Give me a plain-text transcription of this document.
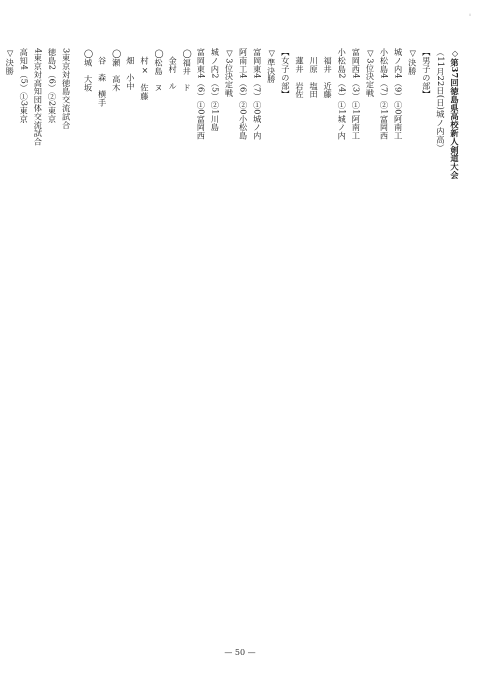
◇第37回徳島県高校新人剣道大会
（11月22日(日)城ノ内高）
【男子の部】
▽決勝
城ノ内4（9）①0阿南工
小松島4（7）②1富岡西
▽3位決定戦
富岡西4（3）①1阿南工
小松島2（4）①1城ノ内
　福井　近藤
　川原　塩田
　蓮井　岩佐
【女子の部】
▽準決勝
富岡東4（7）①0城ノ内
阿南工4（6）②0小松島
▽3位決定戦
城ノ内2（5）②1川島
富岡東4（6）①0富岡西
◯福井　ド
　金村　ル
◯松島　ヌ
　村×　佐藤
　畑　小中
◯瀬　高木
　谷　森　横手
◯城　大坂
3東京対徳島交流試合
徳島2（6）②2東京
4東京対高知団体交流試合
高知4（5）①3東京
▽決勝
— 50 —
